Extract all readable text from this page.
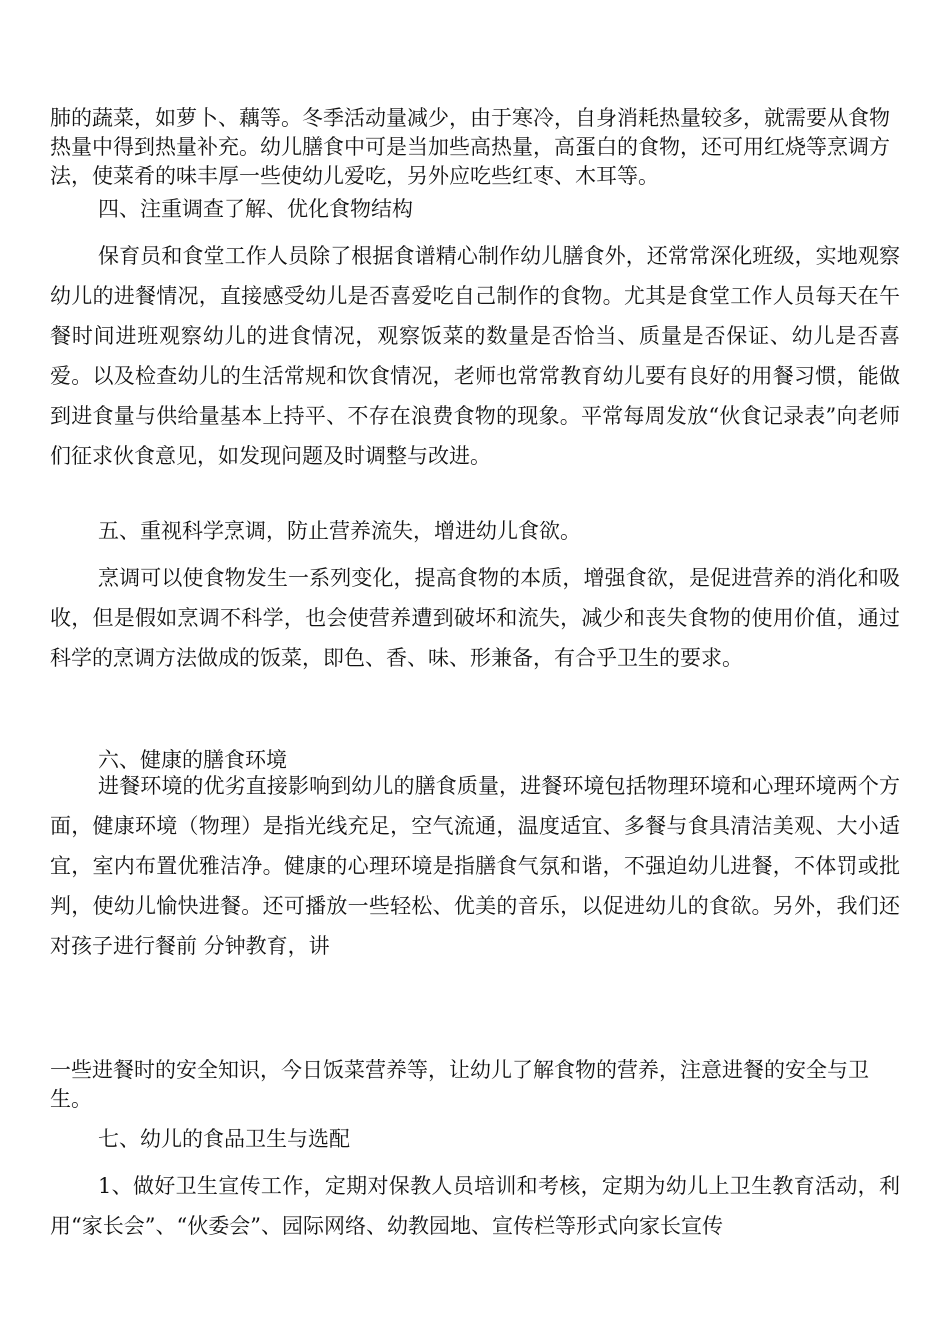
肺的蔬菜，如萝卜、藕等。冬季活动量减少，由于寒冷，自身消耗热量较多，就需要从食物热量中得到热量补充。幼儿膳食中可是当加些高热量，高蛋白的食物，还可用红烧等烹调方法，使菜肴的味丰厚一些使幼儿爱吃，另外应吃些红枣、木耳等。

四、注重调查了解、优化食物结构

保育员和食堂工作人员除了根据食谱精心制作幼儿膳食外，还常常深化班级，实地观察幼儿的进餐情况，直接感受幼儿是否喜爱吃自己制作的食物。尤其是食堂工作人员每天在午餐时间进班观察幼儿的进食情况，观察饭菜的数量是否恰当、质量是否保证、幼儿是否喜爱。以及检查幼儿的生活常规和饮食情况，老师也常常教育幼儿要有良好的用餐习惯，能做到进食量与供给量基本上持平、不存在浪费食物的现象。平常每周发放“伙食记录表”向老师们征求伙食意见，如发现问题及时调整与改进。

五、重视科学烹调，防止营养流失，增进幼儿食欲。

烹调可以使食物发生一系列变化，提高食物的本质，增强食欲，是促进营养的消化和吸收，但是假如烹调不科学，也会使营养遭到破坏和流失，减少和丧失食物的使用价值，通过科学的烹调方法做成的饭菜，即色、香、味、形兼备，有合乎卫生的要求。

六、健康的膳食环境

进餐环境的优劣直接影响到幼儿的膳食质量，进餐环境包括物理环境和心理环境两个方面，健康环境（物理）是指光线充足，空气流通，温度适宜、多餐与食具清洁美观、大小适宜，室内布置优雅洁净。健康的心理环境是指膳食气氛和谐，不强迫幼儿进餐，不体罚或批判，使幼儿愉快进餐。还可播放一些轻松、优美的音乐，以促进幼儿的食欲。另外，我们还对孩子进行餐前 分钟教育，讲

一些进餐时的安全知识，今日饭菜营养等，让幼儿了解食物的营养，注意进餐的安全与卫生。

七、幼儿的食品卫生与选配

1、做好卫生宣传工作，定期对保教人员培训和考核，定期为幼儿上卫生教育活动，利用“家长会”、“伙委会”、园际网络、幼教园地、宣传栏等形式向家长宣传
